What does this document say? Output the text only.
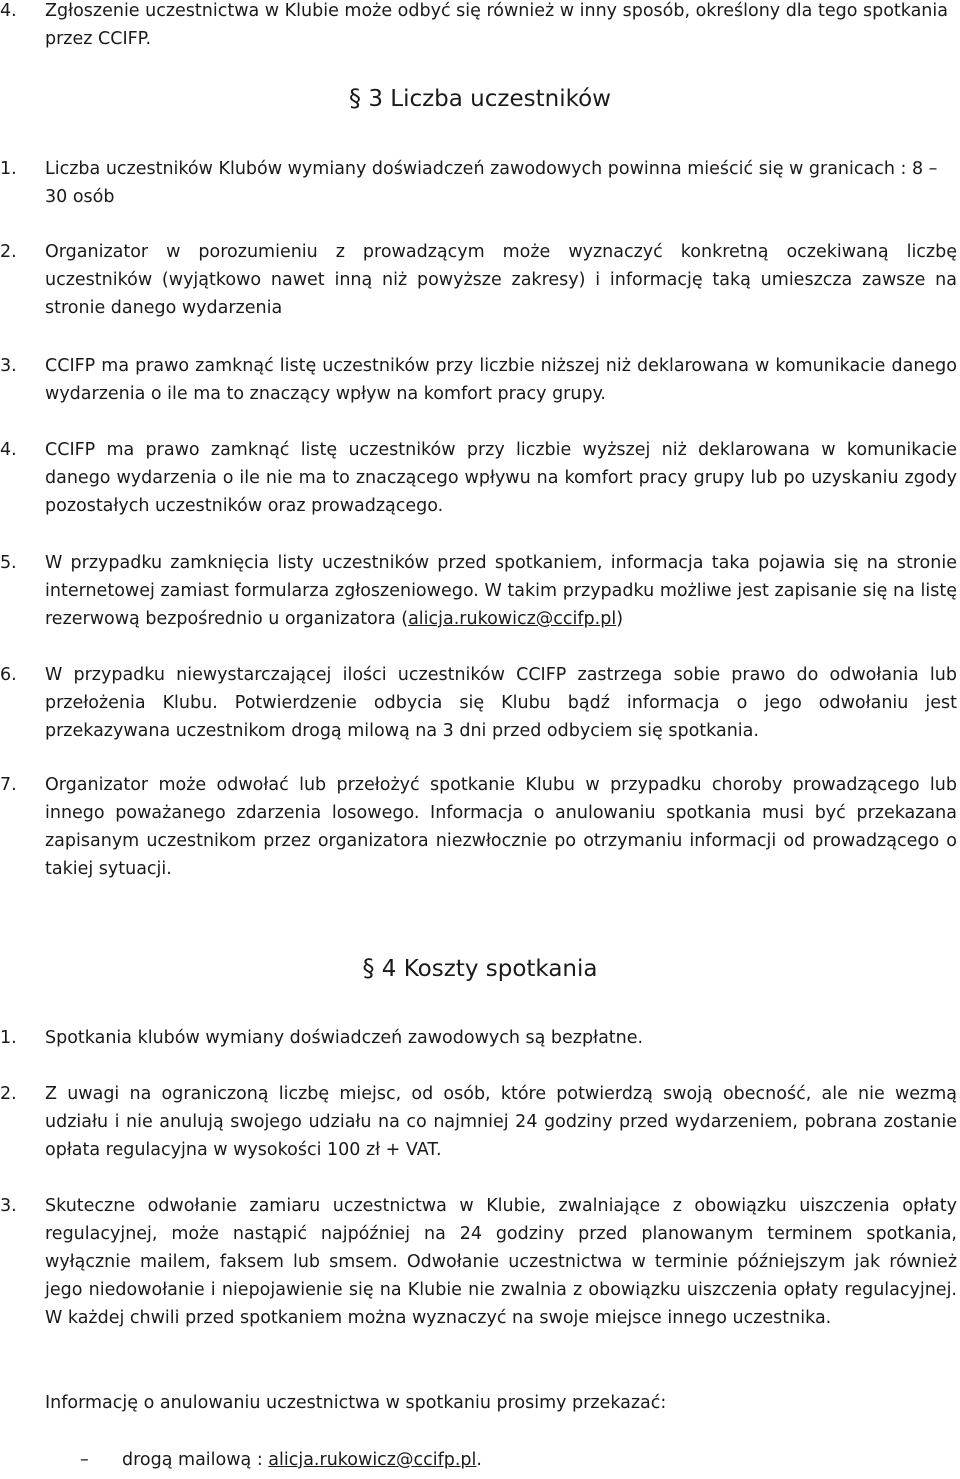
4.	Zgłoszenie uczestnictwa w Klubie może odbyć się również w inny sposób, określony dla tego spotkania przez CCIFP.
§ 3 Liczba uczestników
1.	Liczba uczestników Klubów wymiany doświadczeń zawodowych powinna mieścić się w granicach : 8 – 30 osób
2.	Organizator w porozumieniu z prowadzącym może wyznaczyć konkretną oczekiwaną liczbę uczestników (wyjątkowo nawet inną niż powyższe zakresy) i informację taką umieszcza zawsze na stronie danego wydarzenia
3.	CCIFP ma prawo zamknąć listę uczestników przy liczbie niższej niż deklarowana w komunikacie danego wydarzenia o ile ma to znaczący wpływ na komfort pracy grupy.
4.	CCIFP ma prawo zamknąć listę uczestników przy liczbie wyższej niż deklarowana w komunikacie danego wydarzenia o ile nie ma to znaczącego wpływu na komfort pracy grupy lub po uzyskaniu zgody pozostałych uczestników oraz prowadzącego.
5.	W przypadku zamknięcia listy uczestników przed spotkaniem, informacja taka pojawia się na stronie internetowej zamiast formularza zgłoszeniowego. W takim przypadku możliwe jest zapisanie się na listę rezerwową bezpośrednio u organizatora (alicja.rukowicz@ccifp.pl)
6.	W przypadku niewystarczającej ilości uczestników CCIFP zastrzega sobie prawo do odwołania lub przełożenia Klubu. Potwierdzenie odbycia się Klubu bądź informacja o jego odwołaniu jest przekazywana uczestnikom drogą milową na 3 dni przed odbyciem się spotkania.
7.	Organizator może odwołać lub przełożyć spotkanie Klubu w przypadku choroby prowadzącego lub innego poważanego zdarzenia losowego. Informacja o anulowaniu spotkania musi być przekazana zapisanym uczestnikom przez organizatora niezwłocznie po otrzymaniu informacji od prowadzącego o takiej sytuacji.
§ 4 Koszty spotkania
1.	Spotkania klubów wymiany doświadczeń zawodowych są bezpłatne.
2.	Z uwagi na ograniczoną liczbę miejsc, od osób, które potwierdzą swoją obecność, ale nie wezmą udziału i nie anulują swojego udziału na co najmniej 24 godziny przed wydarzeniem, pobrana zostanie opłata regulacyjna w wysokości 100 zł + VAT.
3.	Skuteczne odwołanie zamiaru uczestnictwa w Klubie, zwalniające z obowiązku uiszczenia opłaty regulacyjnej, może nastąpić najpóźniej na 24 godziny przed planowanym terminem spotkania, wyłącznie mailem, faksem lub smsem. Odwołanie uczestnictwa w terminie późniejszym jak również jego niedowołanie i niepojawienie się na Klubie nie zwalnia z obowiązku uiszczenia opłaty regulacyjnej. W każdej chwili przed spotkaniem można wyznaczyć na swoje miejsce innego uczestnika.
Informację o anulowaniu uczestnictwa w spotkaniu prosimy przekazać:
– drogą mailową : alicja.rukowicz@ccifp.pl.
